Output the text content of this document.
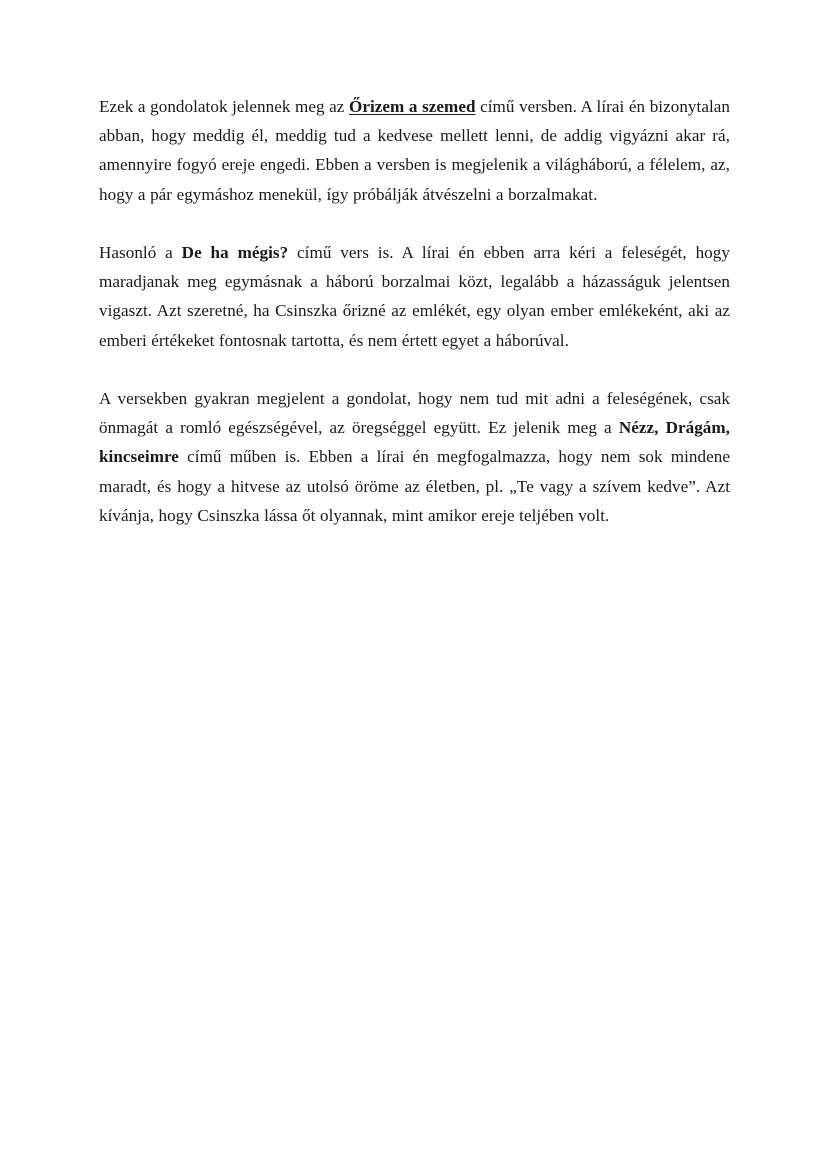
Ezek a gondolatok jelennek meg az Őrizem a szemed című versben. A lírai én bizonytalan abban, hogy meddig él, meddig tud a kedvese mellett lenni, de addig vigyázni akar rá, amennyire fogyó ereje engedi. Ebben a versben is megjelenik a világháború, a félelem, az, hogy a pár egymáshoz menekül, így próbálják átvészelni a borzalmakat.

Hasonló a De ha mégis? című vers is. A lírai én ebben arra kéri a feleségét, hogy maradjanak meg egymásnak a háború borzalmai közt, legalább a házasságuk jelentsen vigaszt. Azt szeretné, ha Csinszka őrizné az emlékét, egy olyan ember emlékeként, aki az emberi értékeket fontosnak tartotta, és nem értett egyet a háborúval.

A versekben gyakran megjelent a gondolat, hogy nem tud mit adni a feleségének, csak önmagát a romló egészségével, az öregséggel együtt. Ez jelenik meg a Nézz, Drágám, kincseimre című műben is. Ebben a lírai én megfogalmazza, hogy nem sok mindene maradt, és hogy a hitvese az utolsó öröme az életben, pl. „Te vagy a szívem kedve”. Azt kívánja, hogy Csinszka lássa őt olyannak, mint amikor ereje teljében volt.
